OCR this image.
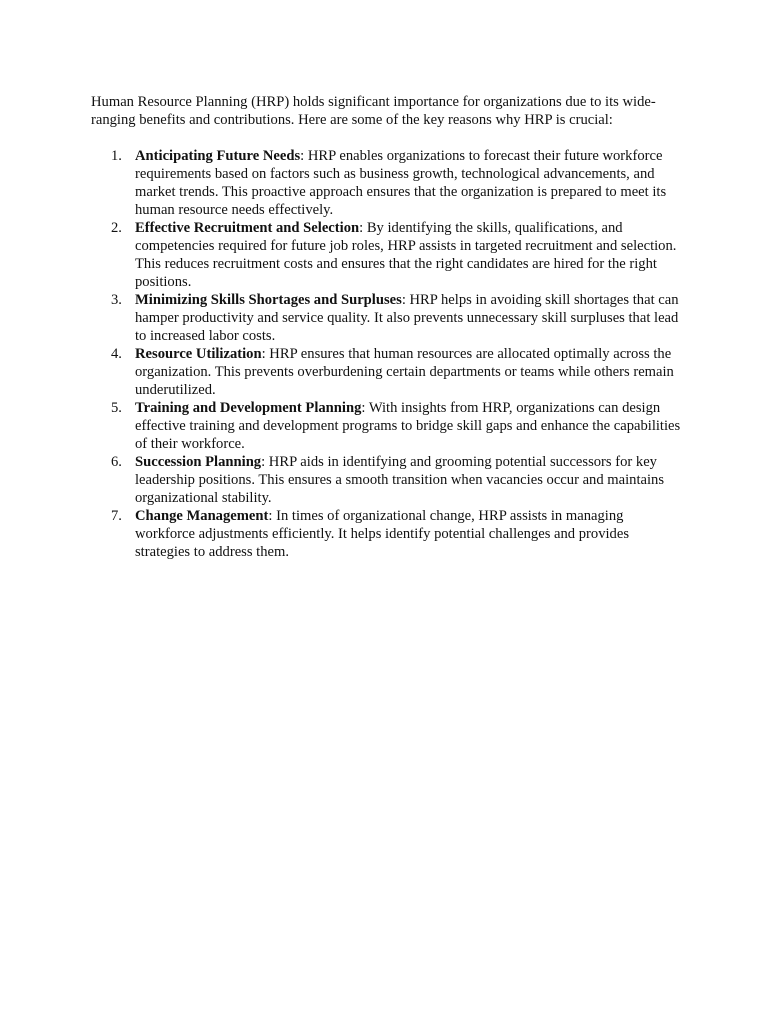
Human Resource Planning (HRP) holds significant importance for organizations due to its wide-ranging benefits and contributions. Here are some of the key reasons why HRP is crucial:

1. Anticipating Future Needs: HRP enables organizations to forecast their future workforce requirements based on factors such as business growth, technological advancements, and market trends. This proactive approach ensures that the organization is prepared to meet its human resource needs effectively.
2. Effective Recruitment and Selection: By identifying the skills, qualifications, and competencies required for future job roles, HRP assists in targeted recruitment and selection. This reduces recruitment costs and ensures that the right candidates are hired for the right positions.
3. Minimizing Skills Shortages and Surpluses: HRP helps in avoiding skill shortages that can hamper productivity and service quality. It also prevents unnecessary skill surpluses that lead to increased labor costs.
4. Resource Utilization: HRP ensures that human resources are allocated optimally across the organization. This prevents overburdening certain departments or teams while others remain underutilized.
5. Training and Development Planning: With insights from HRP, organizations can design effective training and development programs to bridge skill gaps and enhance the capabilities of their workforce.
6. Succession Planning: HRP aids in identifying and grooming potential successors for key leadership positions. This ensures a smooth transition when vacancies occur and maintains organizational stability.
7. Change Management: In times of organizational change, HRP assists in managing workforce adjustments efficiently. It helps identify potential challenges and provides strategies to address them.
